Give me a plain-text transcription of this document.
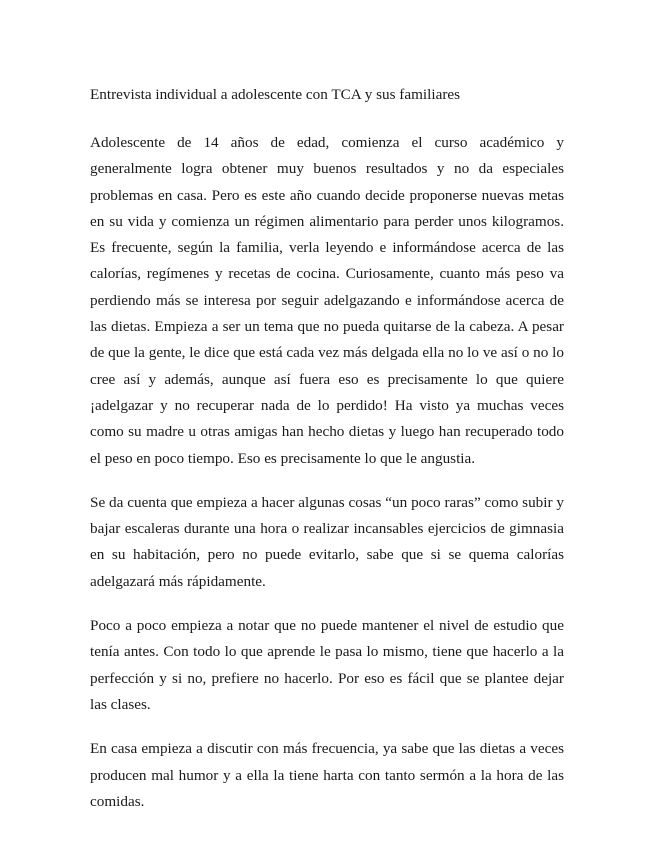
Entrevista individual a adolescente con TCA y sus familiares

Adolescente de 14 años de edad, comienza el curso académico y generalmente logra obtener muy buenos resultados y no da especiales problemas en casa. Pero es este año cuando decide proponerse nuevas metas en su vida y comienza un régimen alimentario para perder unos kilogramos. Es frecuente, según la familia, verla leyendo e informándose acerca de las calorías, regímenes y recetas de cocina. Curiosamente, cuanto más peso va perdiendo más se interesa por seguir adelgazando e informándose acerca de las dietas. Empieza a ser un tema que no pueda quitarse de la cabeza. A pesar de que la gente, le dice que está cada vez más delgada ella no lo ve así o no lo cree así y además, aunque así fuera eso es precisamente lo que quiere ¡adelgazar y no recuperar nada de lo perdido! Ha visto ya muchas veces como su madre u otras amigas han hecho dietas y luego han recuperado todo el peso en poco tiempo. Eso es precisamente lo que le angustia.

Se da cuenta que empieza a hacer algunas cosas “un poco raras” como subir y bajar escaleras durante una hora o realizar incansables ejercicios de gimnasia en su habitación, pero no puede evitarlo, sabe que si se quema calorías adelgazará más rápidamente.

Poco a poco empieza a notar que no puede mantener el nivel de estudio que tenía antes. Con todo lo que aprende le pasa lo mismo, tiene que hacerlo a la perfección y si no, prefiere no hacerlo. Por eso es fácil que se plantee dejar las clases.

En casa empieza a discutir con más frecuencia, ya sabe que las dietas a veces producen mal humor y a ella la tiene harta con tanto sermón a la hora de las comidas.
